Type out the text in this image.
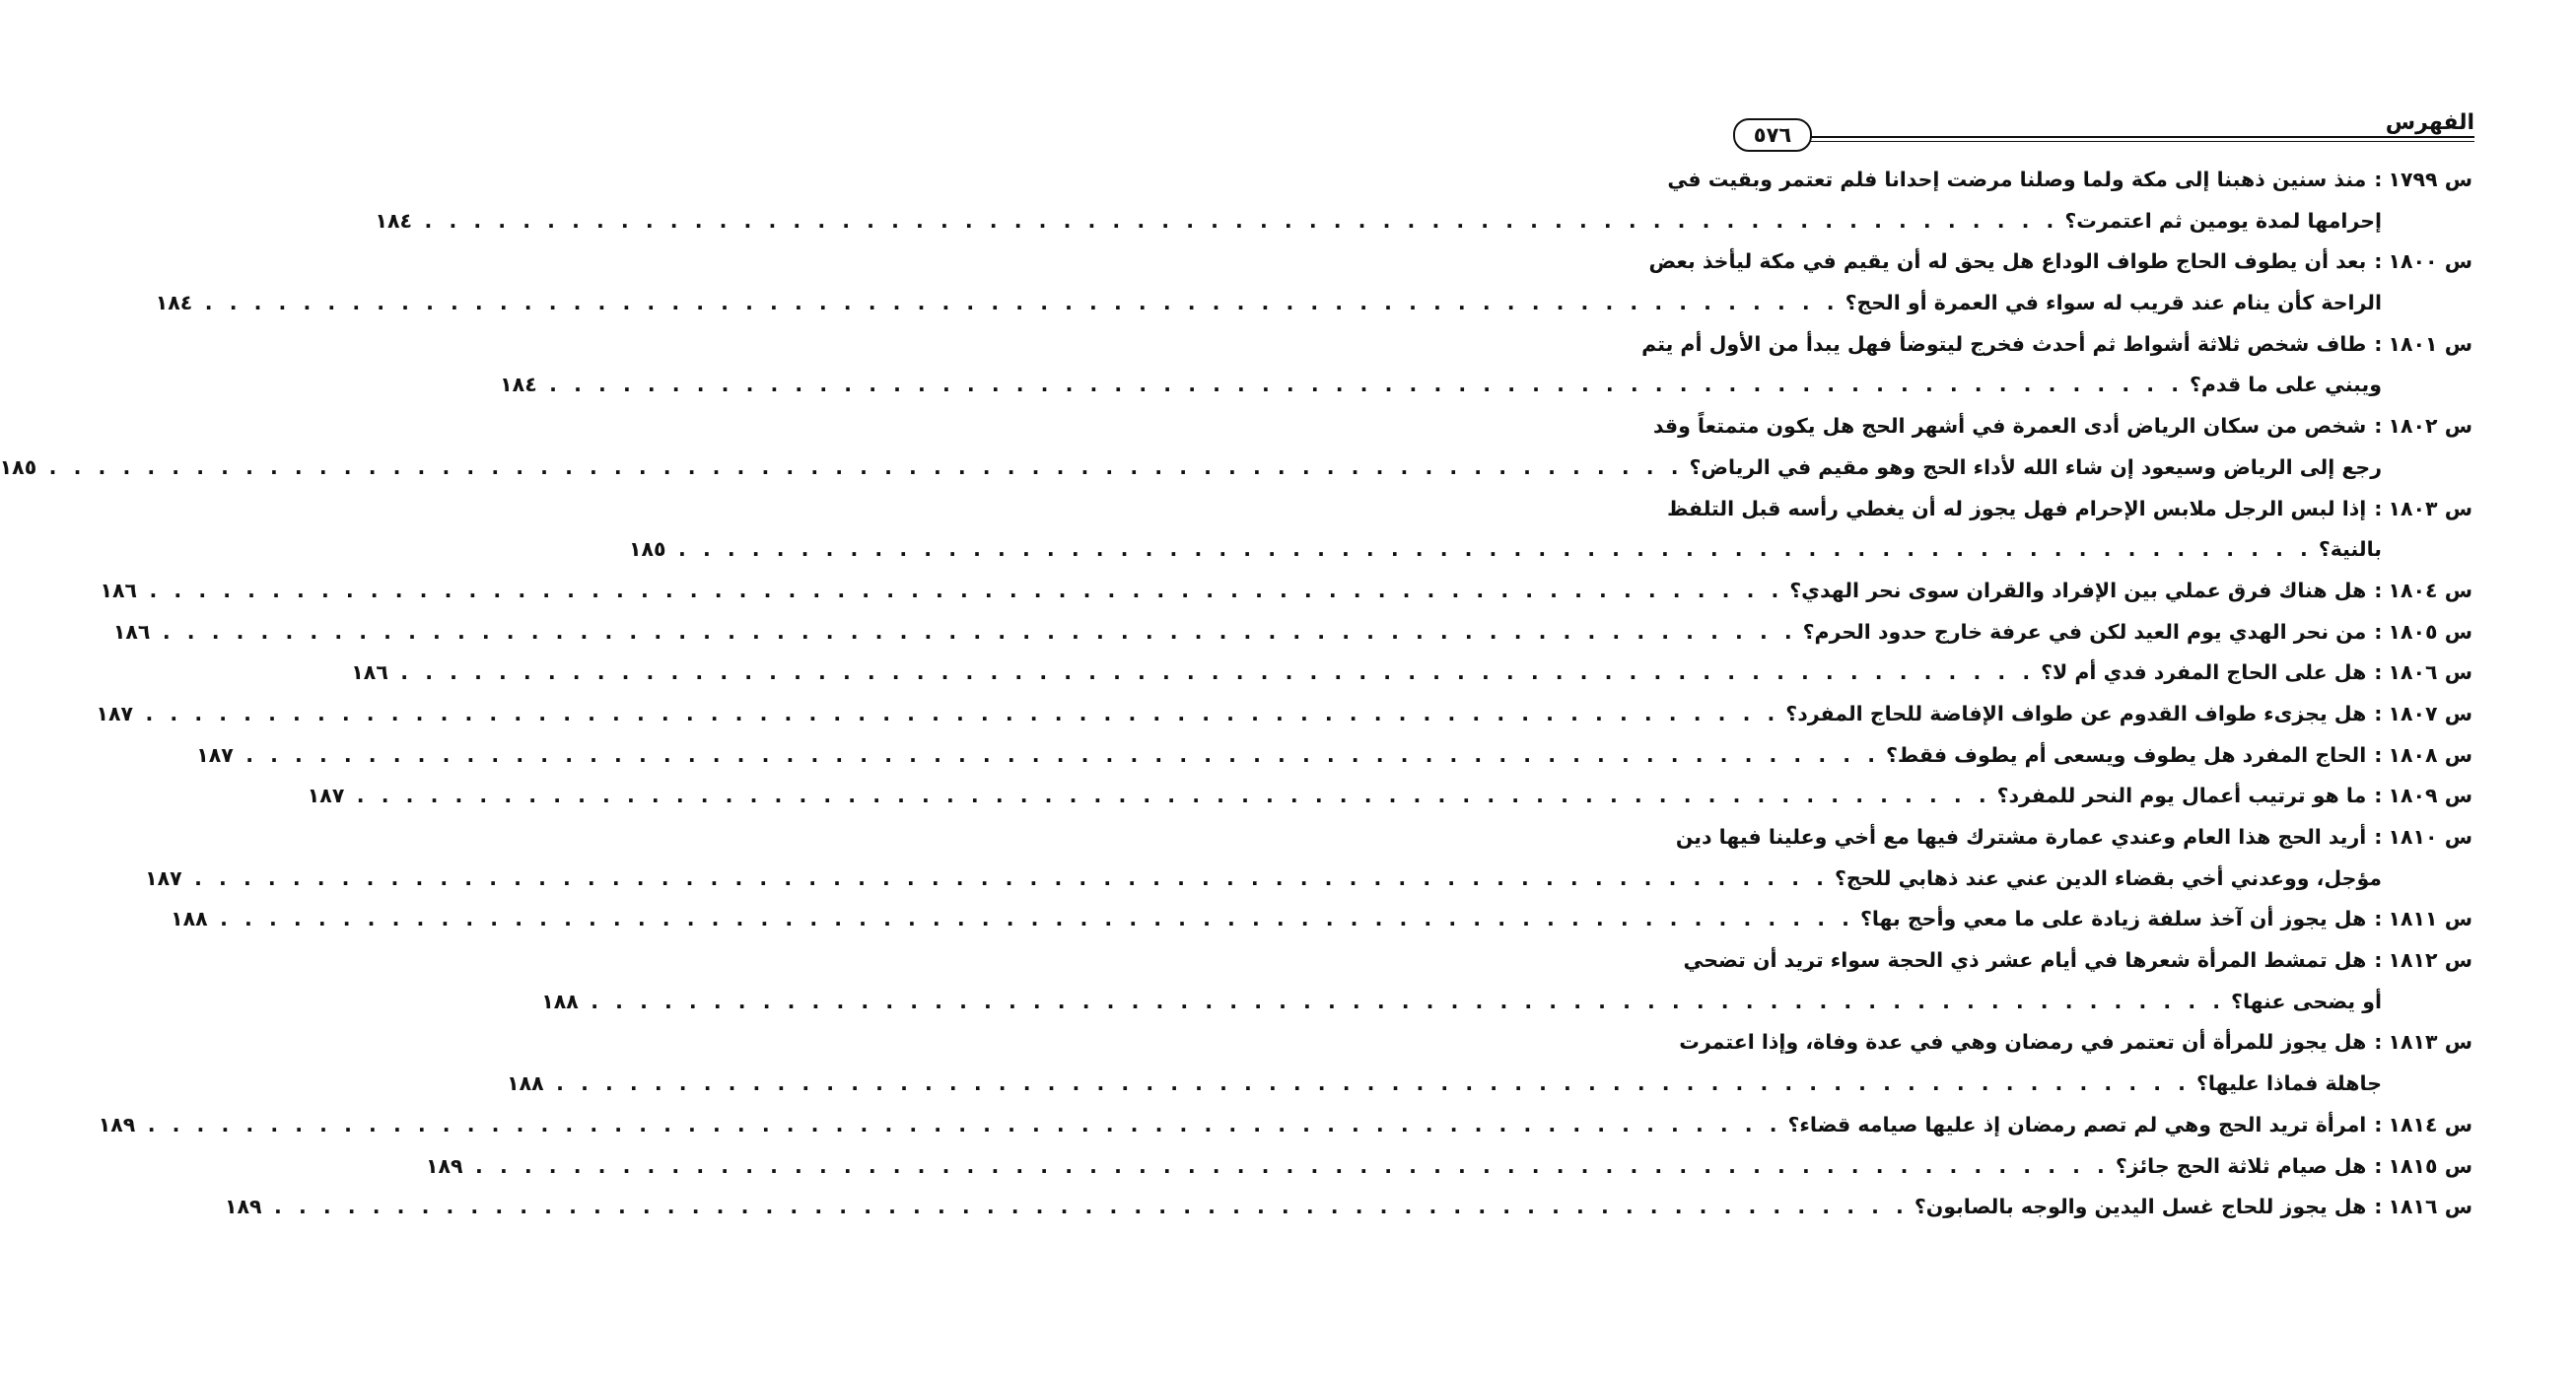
الفهرس
٥٧٦
س ١٧٩٩
:
منذ سنين ذهبنا إلى مكة ولما وصلنا مرضت إحدانا فلم تعتمر وبقيت في
إحرامها لمدة يومين ثم اعتمرت؟
. . .
١٨٤
س ١٨٠٠
:
بعد أن يطوف الحاج طواف الوداع هل يحق له أن يقيم في مكة ليأخذ بعض
الراحة كأن ينام عند قريب له سواء في العمرة أو الحج؟
. . .
١٨٤
س ١٨٠١
:
طاف شخص ثلاثة أشواط ثم أحدث فخرج ليتوضأ فهل يبدأ من الأول أم يتم
ويبني على ما قدم؟
. . .
١٨٤
س ١٨٠٢
:
شخص من سكان الرياض أدى العمرة في أشهر الحج هل يكون متمتعاً وقد
رجع إلى الرياض وسيعود إن شاء الله لأداء الحج وهو مقيم في الرياض؟
. . .
١٨٥
س ١٨٠٣
:
إذا لبس الرجل ملابس الإحرام فهل يجوز له أن يغطي رأسه قبل التلفظ
بالنية؟
. . .
١٨٥
س ١٨٠٤
:
هل هناك فرق عملي بين الإفراد والقران سوى نحر الهدي؟
. . .
١٨٦
س ١٨٠٥
:
من نحر الهدي يوم العيد لكن في عرفة خارج حدود الحرم؟
. . .
١٨٦
س ١٨٠٦
:
هل على الحاج المفرد فدي أم لا؟
. . .
١٨٦
س ١٨٠٧
:
هل يجزىء طواف القدوم عن طواف الإفاضة للحاج المفرد؟
. . .
١٨٧
س ١٨٠٨
:
الحاج المفرد هل يطوف ويسعى أم يطوف فقط؟
. . .
١٨٧
س ١٨٠٩
:
ما هو ترتيب أعمال يوم النحر للمفرد؟
. . .
١٨٧
س ١٨١٠
:
أريد الحج هذا العام وعندي عمارة مشترك فيها مع أخي وعلينا فيها دين
مؤجل، ووعدني أخي بقضاء الدين عني عند ذهابي للحج؟
. . .
١٨٧
س ١٨١١
:
هل يجوز أن آخذ سلفة زيادة على ما معي وأحج بها؟
. . .
١٨٨
س ١٨١٢
:
هل تمشط المرأة شعرها في أيام عشر ذي الحجة سواء تريد أن تضحي
أو يضحى عنها؟
. . .
١٨٨
س ١٨١٣
:
هل يجوز للمرأة أن تعتمر في رمضان وهي في عدة وفاة، وإذا اعتمرت
جاهلة فماذا عليها؟
. . .
١٨٨
س ١٨١٤
:
امرأة تريد الحج وهي لم تصم رمضان إذ عليها صيامه قضاء؟
. . .
١٨٩
س ١٨١٥
:
هل صيام ثلاثة الحج جائز؟
. . .
١٨٩
س ١٨١٦
:
هل يجوز للحاج غسل اليدين والوجه بالصابون؟
. . .
١٨٩
